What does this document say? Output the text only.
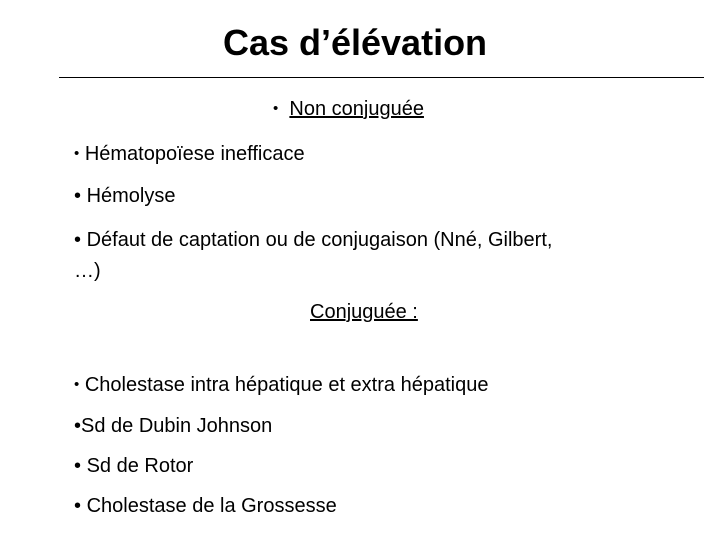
Cas d’élévation
• Non conjuguée
• Hématopoïese inefficace
• Hémolyse
• Défaut de captation ou de conjugaison (Nné, Gilbert,
…)
Conjuguée :
• Cholestase intra hépatique et extra hépatique
•Sd de Dubin Johnson
• Sd de Rotor
• Cholestase de la Grossesse
